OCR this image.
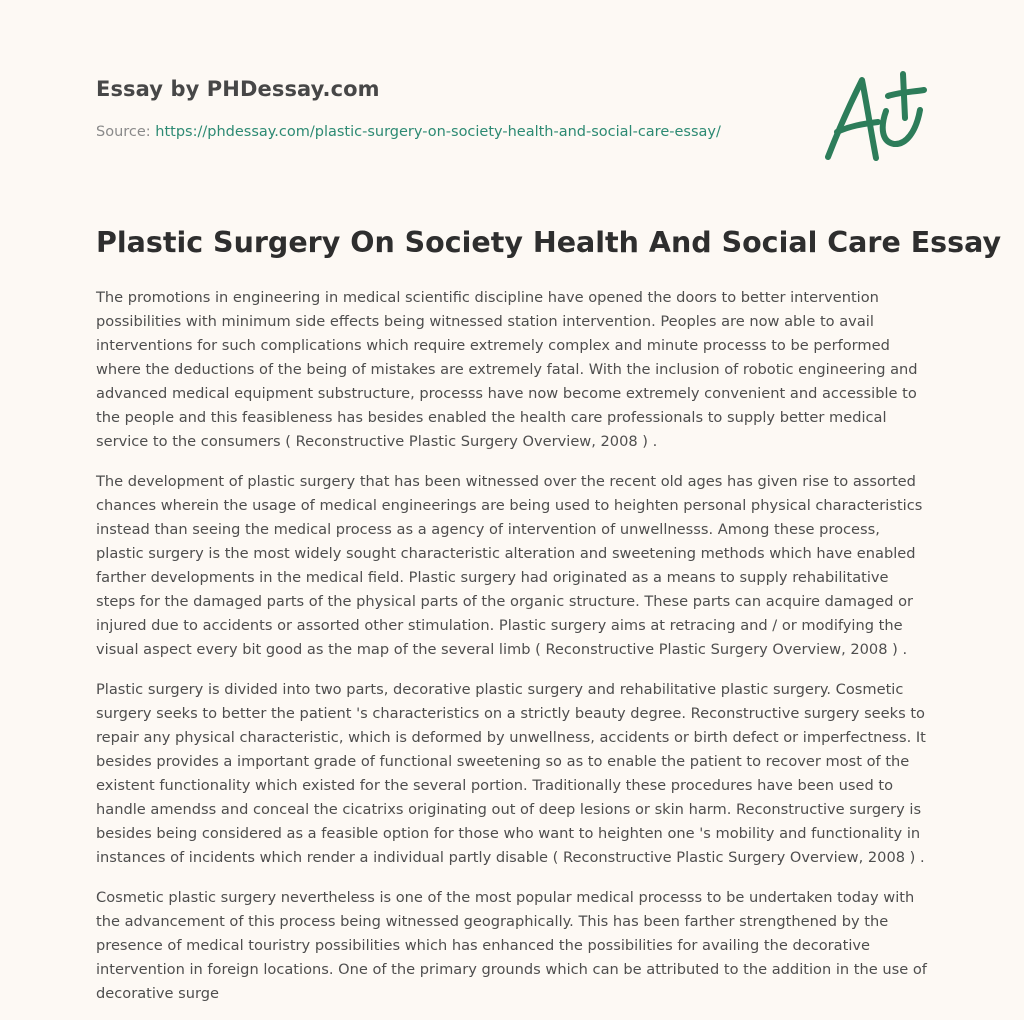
Essay by PHDessay.com
Source: https://phdessay.com/plastic-surgery-on-society-health-and-social-care-essay/
Plastic Surgery On Society Health And Social Care Essay

The promotions in engineering in medical scientific discipline have opened the doors to better intervention possibilities with minimum side effects being witnessed station intervention. Peoples are now able to avail interventions for such complications which require extremely complex and minute processs to be performed where the deductions of the being of mistakes are extremely fatal. With the inclusion of robotic engineering and advanced medical equipment substructure, processs have now become extremely convenient and accessible to the people and this feasibleness has besides enabled the health care professionals to supply better medical service to the consumers ( Reconstructive Plastic Surgery Overview, 2008 ) .

The development of plastic surgery that has been witnessed over the recent old ages has given rise to assorted chances wherein the usage of medical engineerings are being used to heighten personal physical characteristics instead than seeing the medical process as a agency of intervention of unwellnesss. Among these process, plastic surgery is the most widely sought characteristic alteration and sweetening methods which have enabled farther developments in the medical field. Plastic surgery had originated as a means to supply rehabilitative steps for the damaged parts of the physical parts of the organic structure. These parts can acquire damaged or injured due to accidents or assorted other stimulation. Plastic surgery aims at retracing and / or modifying the visual aspect every bit good as the map of the several limb ( Reconstructive Plastic Surgery Overview, 2008 ) .

Plastic surgery is divided into two parts, decorative plastic surgery and rehabilitative plastic surgery. Cosmetic surgery seeks to better the patient 's characteristics on a strictly beauty degree. Reconstructive surgery seeks to repair any physical characteristic, which is deformed by unwellness, accidents or birth defect or imperfectness. It besides provides a important grade of functional sweetening so as to enable the patient to recover most of the existent functionality which existed for the several portion. Traditionally these procedures have been used to handle amendss and conceal the cicatrixs originating out of deep lesions or skin harm. Reconstructive surgery is besides being considered as a feasible option for those who want to heighten one 's mobility and functionality in instances of incidents which render a individual partly disable ( Reconstructive Plastic Surgery Overview, 2008 ) .

Cosmetic plastic surgery nevertheless is one of the most popular medical processs to be undertaken today with the advancement of this process being witnessed geographically. This has been farther strengthened by the presence of medical touristry possibilities which has enhanced the possibilities for availing the decorative intervention in foreign locations. One of the primary grounds which can be attributed to the addition in the use of decorative surge
